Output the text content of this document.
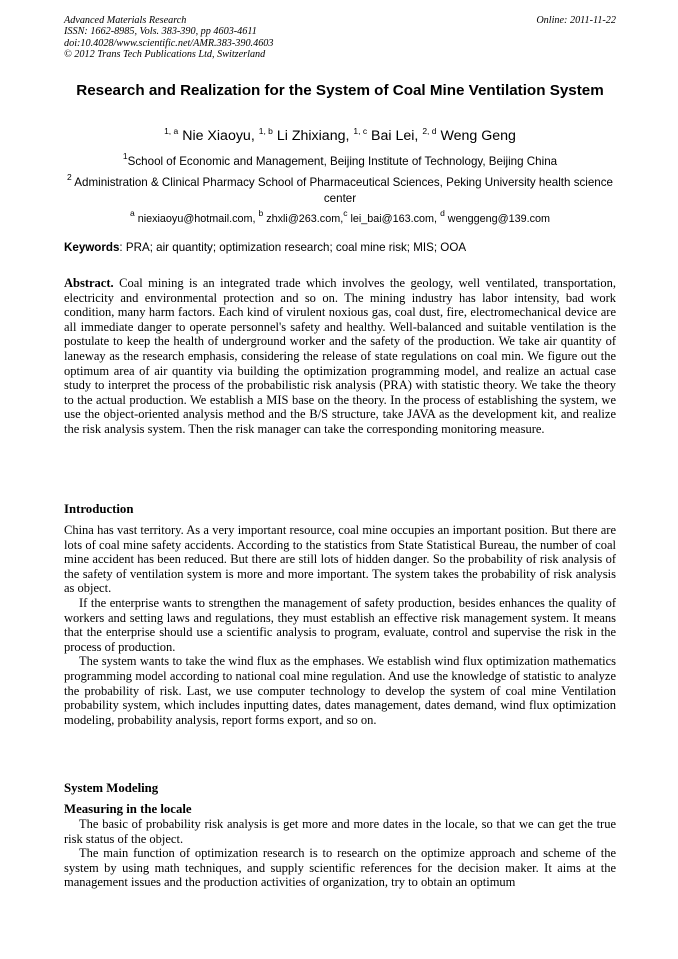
Advanced Materials Research
ISSN: 1662-8985, Vols. 383-390, pp 4603-4611
doi:10.4028/www.scientific.net/AMR.383-390.4603
© 2012 Trans Tech Publications Ltd, Switzerland
Online: 2011-11-22
Research and Realization for the System of Coal Mine Ventilation System
$^{1, a}$ Nie Xiaoyu, $^{1, b}$ Li Zhixiang, $^{1, c}$ Bai Lei, $^{2, d}$ Weng Geng
$^1$School of Economic and Management, Beijing Institute of Technology, Beijing China
$^2$ Administration & Clinical Pharmacy School of Pharmaceutical Sciences, Peking University health science center
$^a$ niexiaoyu@hotmail.com, $^b$ zhxli@263.com,$^c$ lei_bai@163.com, $^d$ wenggeng@139.com
Keywords: PRA; air quantity; optimization research; coal mine risk; MIS; OOA

Abstract. Coal mining is an integrated trade which involves the geology, well ventilated, transportation, electricity and environmental protection and so on. The mining industry has labor intensity, bad work condition, many harm factors. Each kind of virulent noxious gas, coal dust, fire, electromechanical device are all immediate danger to operate personnel's safety and healthy. Well-balanced and suitable ventilation is the postulate to keep the health of underground worker and the safety of the production. We take air quantity of laneway as the research emphasis, considering the release of state regulations on coal min. We figure out the optimum area of air quantity via building the optimization programming model, and realize an actual case study to interpret the process of the probabilistic risk analysis (PRA) with statistic theory. We take the theory to the actual production. We establish a MIS base on the theory. In the process of establishing the system, we use the object-oriented analysis method and the B/S structure, take JAVA as the development kit, and realize the risk analysis system. Then the risk manager can take the corresponding monitoring measure.

Introduction

China has vast territory. As a very important resource, coal mine occupies an important position. But there are lots of coal mine safety accidents. According to the statistics from State Statistical Bureau, the number of coal mine accident has been reduced. But there are still lots of hidden danger. So the probability of risk analysis of the safety of ventilation system is more and more important. The system takes the probability of risk analysis as object.

If the enterprise wants to strengthen the management of safety production, besides enhances the quality of workers and setting laws and regulations, they must establish an effective risk management system. It means that the enterprise should use a scientific analysis to program, evaluate, control and supervise the risk in the process of production.

The system wants to take the wind flux as the emphases. We establish wind flux optimization mathematics programming model according to national coal mine regulation. And use the knowledge of statistic to analyze the probability of risk. Last, we use computer technology to develop the system of coal mine Ventilation probability system, which includes inputting dates, dates management, dates demand, wind flux optimization modeling, probability analysis, report forms export, and so on.

System Modeling
Measuring in the locale

The basic of probability risk analysis is get more and more dates in the locale, so that we can get the true risk status of the object.

The main function of optimization research is to research on the optimize approach and scheme of the system by using math techniques, and supply scientific references for the decision maker. It aims at the management issues and the production activities of organization, try to obtain an optimum
